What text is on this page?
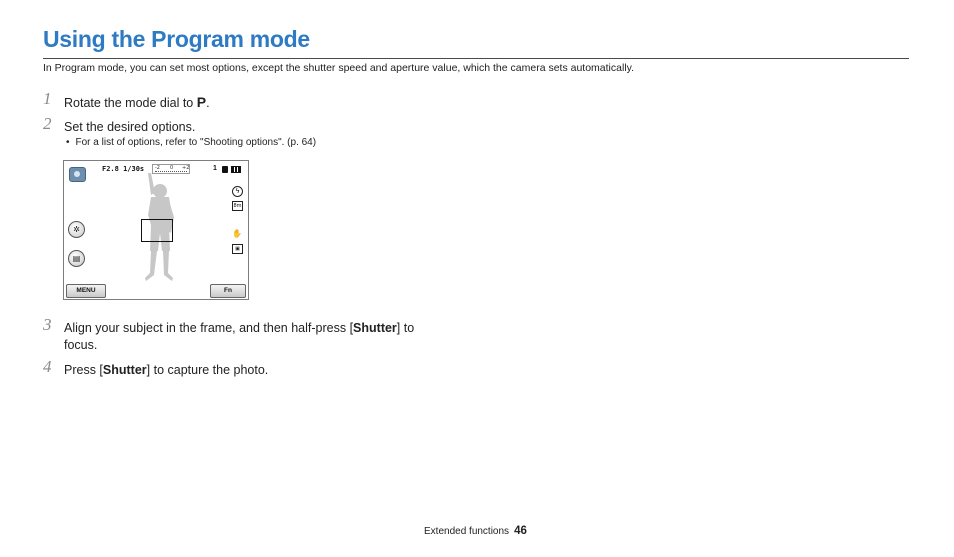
Using the Program mode
In Program mode, you can set most options, except the shutter speed and aperture value, which the camera sets automatically.
1 Rotate the mode dial to P.
2 Set the desired options.
• For a list of options, refer to "Shooting options". (p. 64)
F2.8 1/30s -2 0 +2	1
ϟ
8m
✋
▣
✲
▤
MENU	Fn
3 Align your subject in the frame, and then half-press [Shutter] to
focus.
4 Press [Shutter] to capture the photo.
Extended functions 46
